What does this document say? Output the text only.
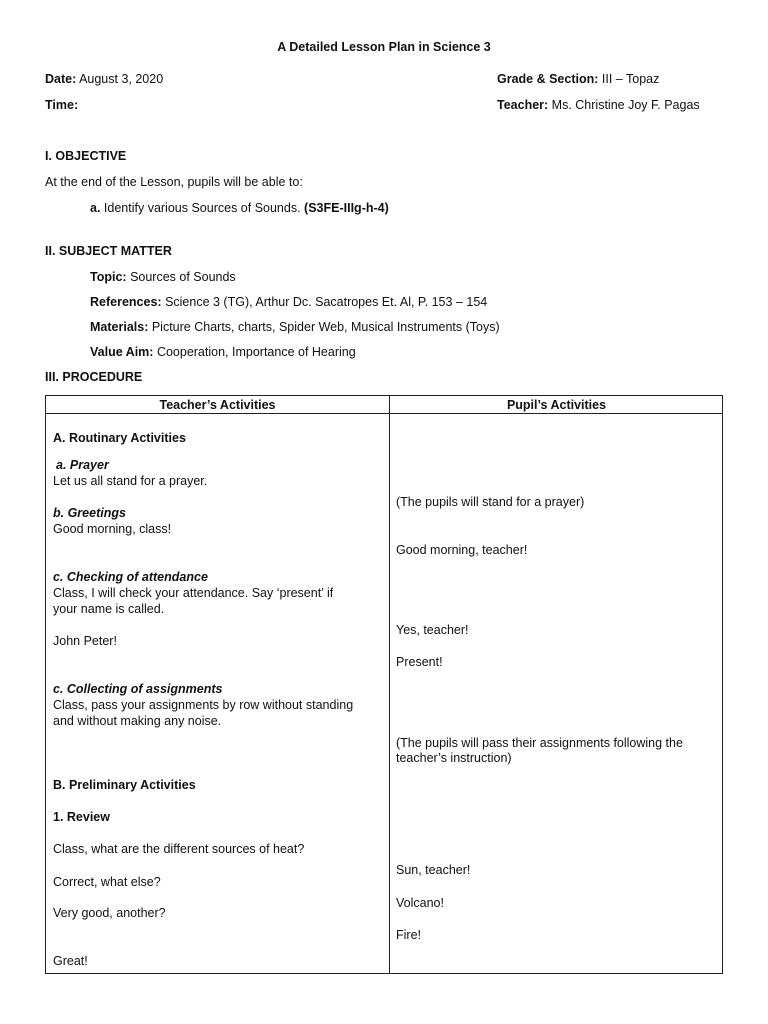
A Detailed Lesson Plan in Science 3
Date: August 3, 2020
Time:
Grade & Section: III – Topaz
Teacher: Ms. Christine Joy F. Pagas
I. OBJECTIVE
At the end of the Lesson, pupils will be able to:
a. Identify various Sources of Sounds. (S3FE-IIIg-h-4)
II. SUBJECT MATTER
Topic: Sources of Sounds
References: Science 3 (TG), Arthur Dc. Sacatropes Et. Al, P. 153 – 154
Materials: Picture Charts, charts, Spider Web, Musical Instruments (Toys)
Value Aim: Cooperation, Importance of Hearing
III. PROCEDURE
Teacher’s Activities	Pupil’s Activities
A. Routinary Activities
a. Prayer
Let us all stand for a prayer.
b. Greetings
Good morning, class!
c. Checking of attendance
Class, I will check your attendance. Say ‘present’ if
your name is called.
John Peter!
c. Collecting of assignments
Class, pass your assignments by row without standing
and without making any noise.
B. Preliminary Activities
1. Review
Class, what are the different sources of heat?
Correct, what else?
Very good, another?
Great!
(The pupils will stand for a prayer)
Good morning, teacher!
Yes, teacher!
Present!
(The pupils will pass their assignments following the
teacher’s instruction)
Sun, teacher!
Volcano!
Fire!
